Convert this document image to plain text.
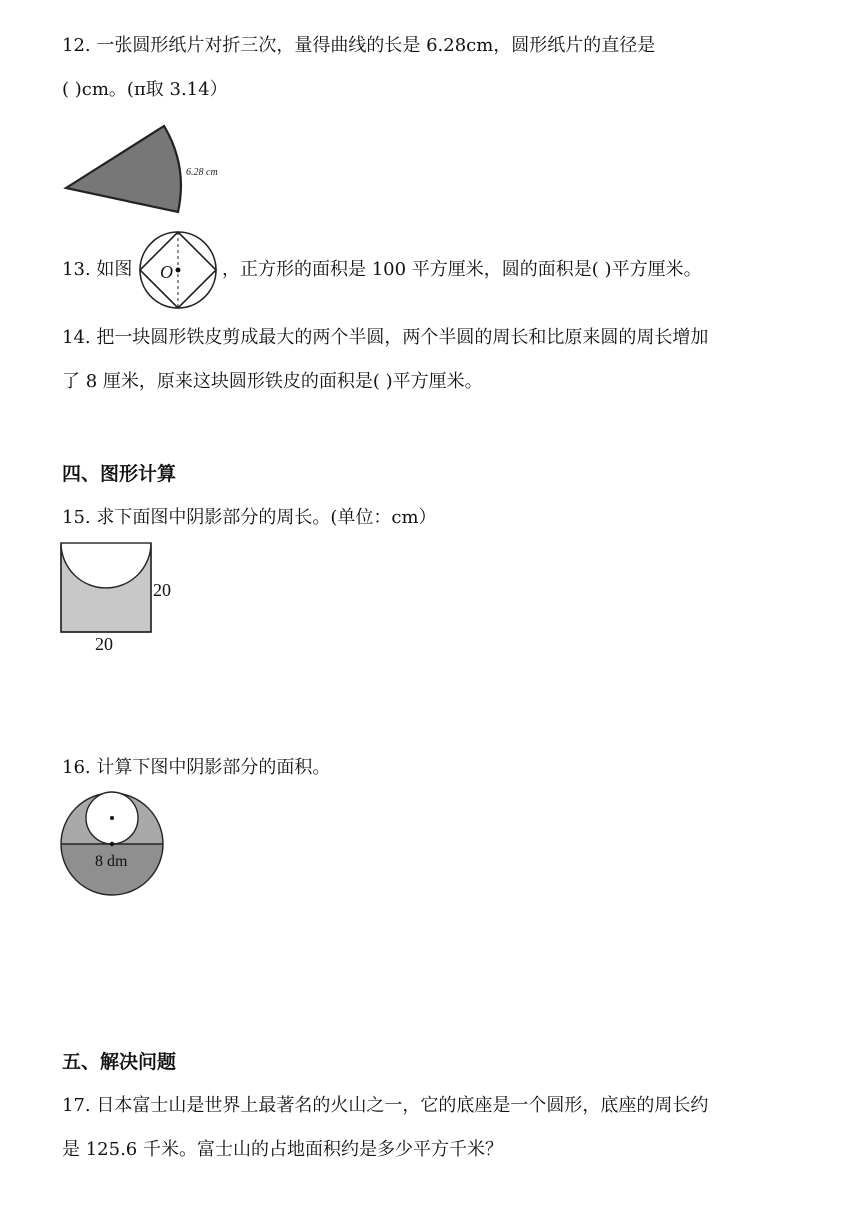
12. 一张圆形纸片对折三次，量得曲线的长是 6.28cm，圆形纸片的直径是
( )cm。(π取 3.14）
6.28 cm
13. 如图 O	，正方形的面积是 100 平方厘米，圆的面积是( )平方厘米。
14. 把一块圆形铁皮剪成最大的两个半圆，两个半圆的周长和比原来圆的周长增加
了 8 厘米，原来这块圆形铁皮的面积是( )平方厘米。
四、图形计算
15. 求下面图中阴影部分的周长。(单位：cm）
20
20
16. 计算下图中阴影部分的面积。
8 dm
五、解决问题
17. 日本富士山是世界上最著名的火山之一，它的底座是一个圆形，底座的周长约
是 125.6 千米。富士山的占地面积约是多少平方千米？
